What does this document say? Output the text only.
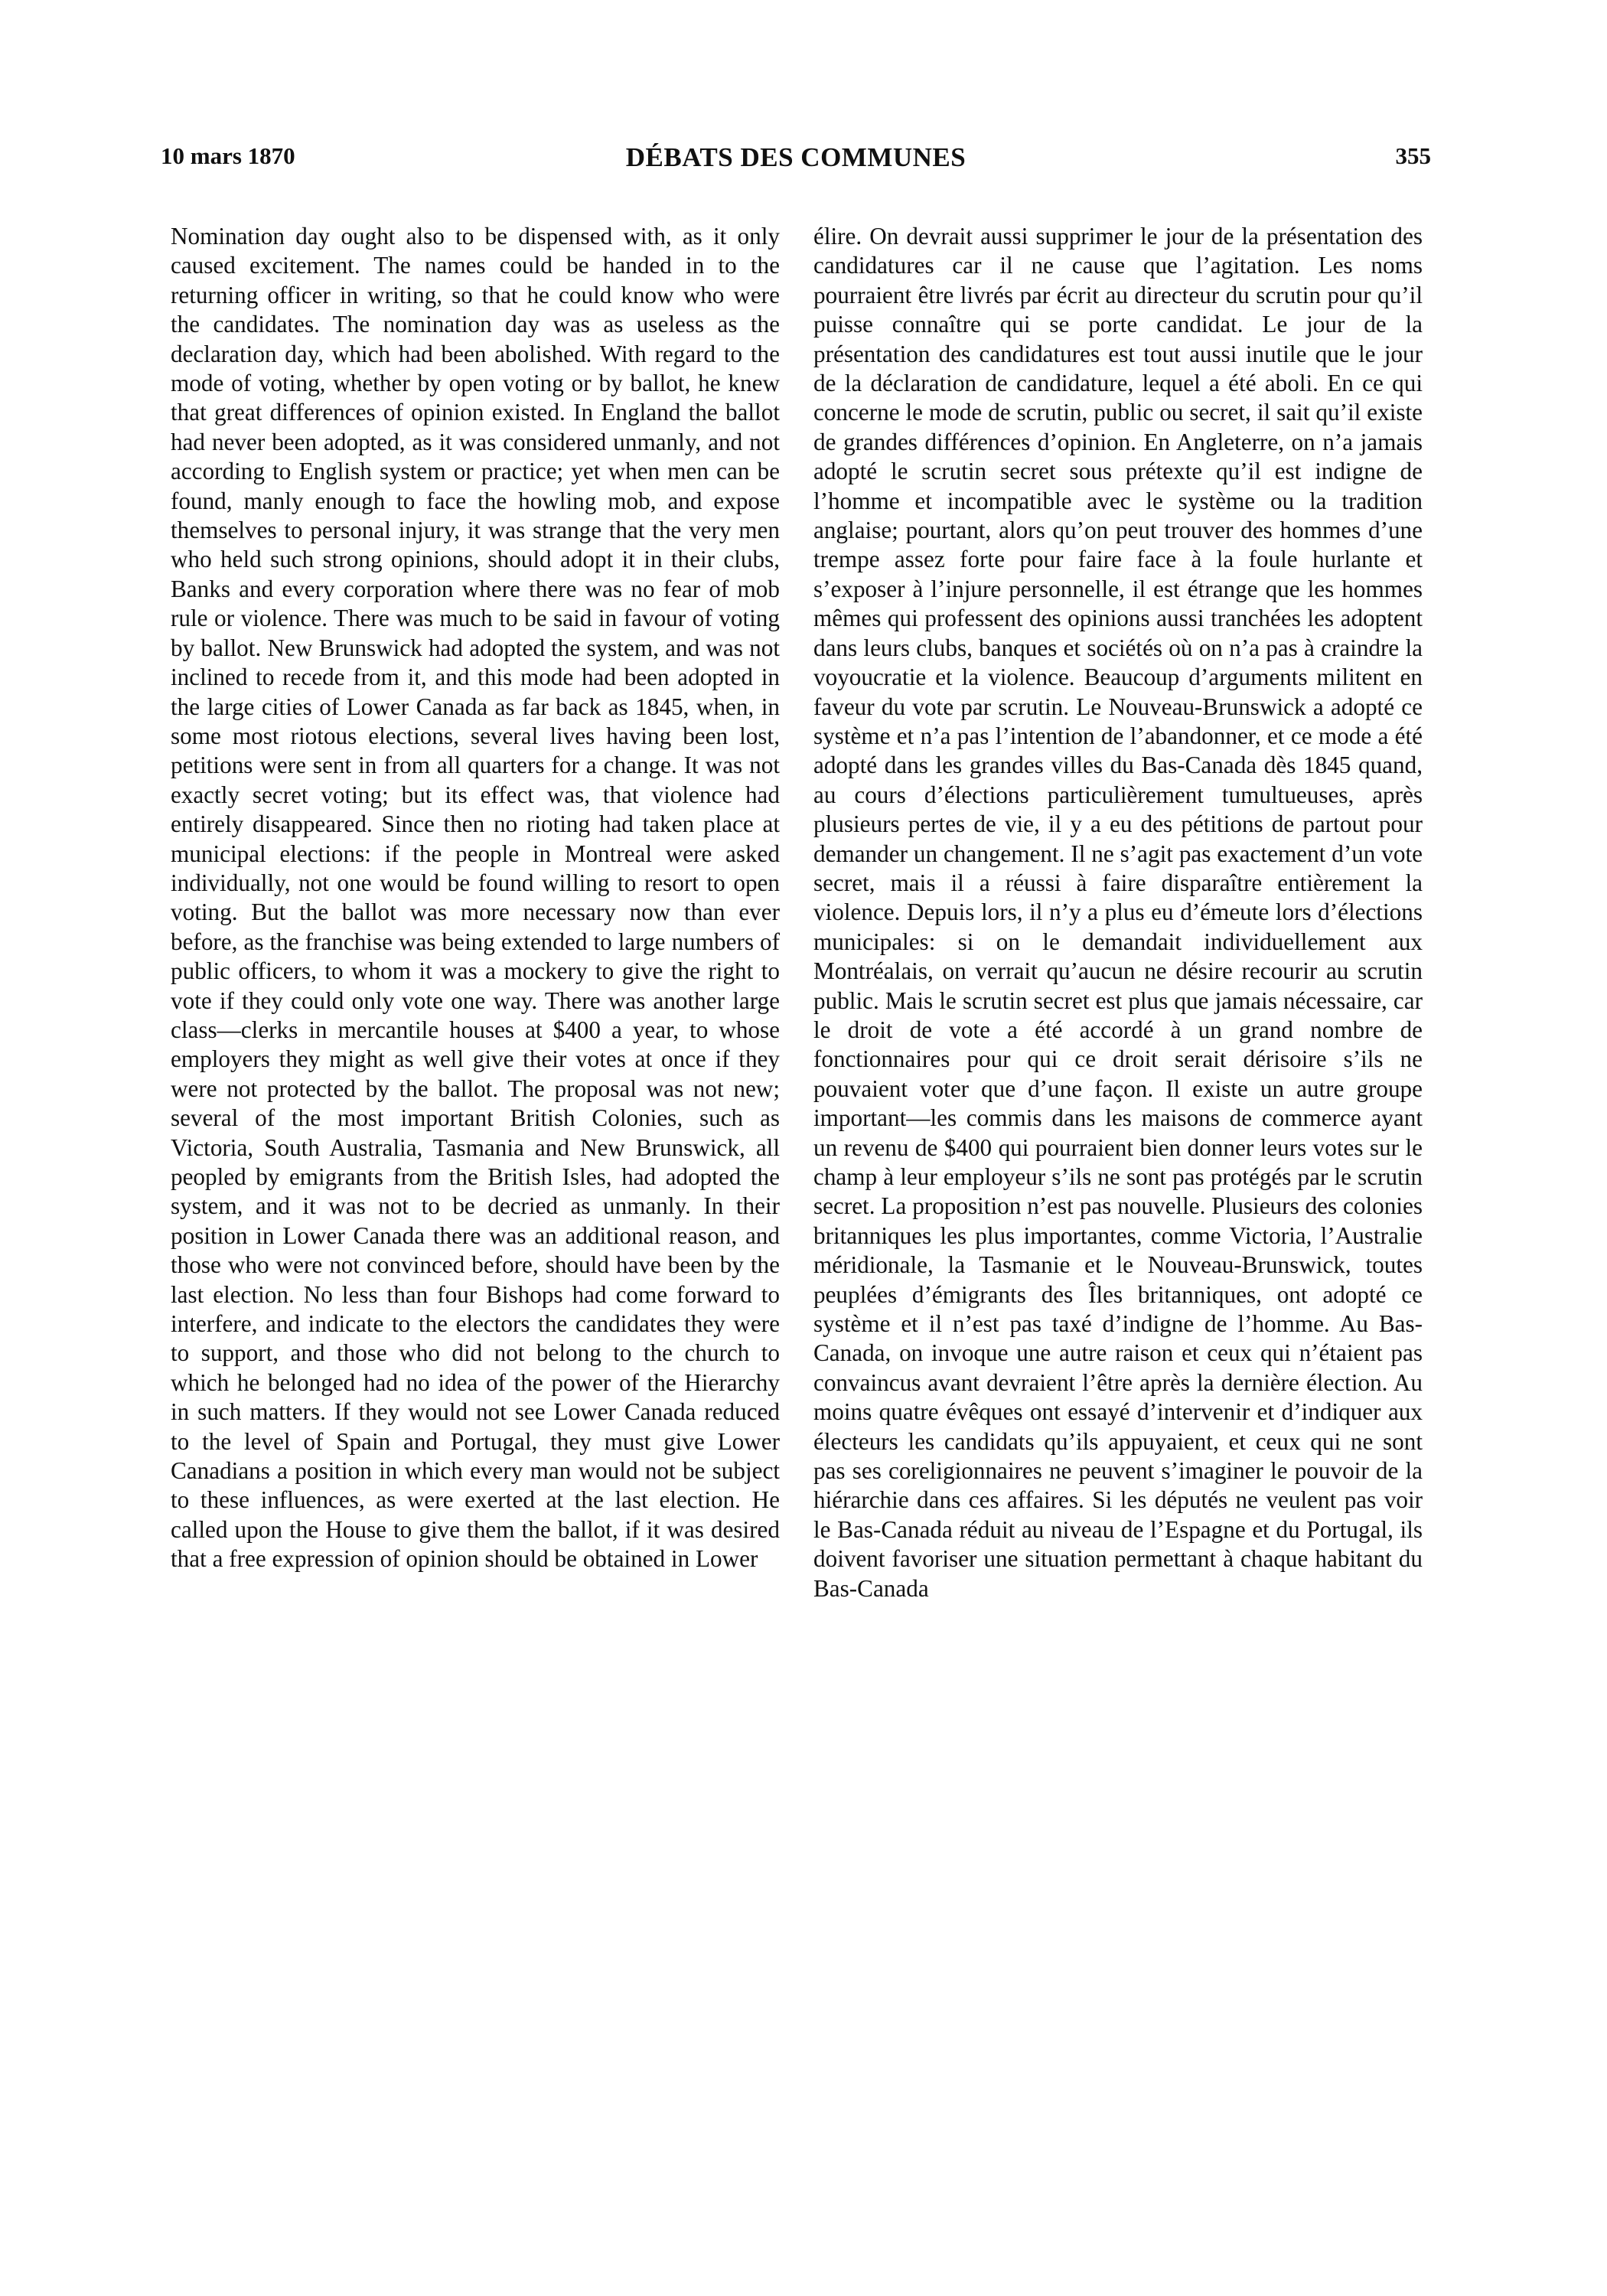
10 mars 1870	DÉBATS DES COMMUNES	355

Nomination day ought also to be dispensed with, as it only caused excitement. The names could be handed in to the returning officer in writing, so that he could know who were the candidates. The nomination day was as useless as the declaration day, which had been abolished. With regard to the mode of voting, whether by open voting or by ballot, he knew that great differences of opinion existed. In England the ballot had never been adopted, as it was considered unmanly, and not according to English system or practice; yet when men can be found, manly enough to face the howling mob, and expose themselves to personal injury, it was strange that the very men who held such strong opinions, should adopt it in their clubs, Banks and every corporation where there was no fear of mob rule or violence. There was much to be said in favour of voting by ballot. New Brunswick had adopted the system, and was not inclined to recede from it, and this mode had been adopted in the large cities of Lower Canada as far back as 1845, when, in some most riotous elections, several lives having been lost, petitions were sent in from all quarters for a change. It was not exactly secret voting; but its effect was, that violence had entirely disappeared. Since then no rioting had taken place at municipal elections: if the people in Montreal were asked individually, not one would be found willing to resort to open voting. But the ballot was more necessary now than ever before, as the franchise was being extended to large numbers of public officers, to whom it was a mockery to give the right to vote if they could only vote one way. There was another large class—clerks in mercantile houses at $400 a year, to whose employers they might as well give their votes at once if they were not protected by the ballot. The proposal was not new; several of the most important British Colonies, such as Victoria, South Australia, Tasmania and New Brunswick, all peopled by emigrants from the British Isles, had adopted the system, and it was not to be decried as unmanly. In their position in Lower Canada there was an additional reason, and those who were not convinced before, should have been by the last election. No less than four Bishops had come forward to interfere, and indicate to the electors the candidates they were to support, and those who did not belong to the church to which he belonged had no idea of the power of the Hierarchy in such matters. If they would not see Lower Canada reduced to the level of Spain and Portugal, they must give Lower Canadians a position in which every man would not be subject to these influences, as were exerted at the last election. He called upon the House to give them the ballot, if it was desired that a free expression of opinion should be obtained in Lower

élire. On devrait aussi supprimer le jour de la présentation des candidatures car il ne cause que l’agitation. Les noms pourraient être livrés par écrit au directeur du scrutin pour qu’il puisse connaître qui se porte candidat. Le jour de la présentation des candidatures est tout aussi inutile que le jour de la déclaration de candidature, lequel a été aboli. En ce qui concerne le mode de scrutin, public ou secret, il sait qu’il existe de grandes différences d’opinion. En Angleterre, on n’a jamais adopté le scrutin secret sous prétexte qu’il est indigne de l’homme et incompatible avec le système ou la tradition anglaise; pourtant, alors qu’on peut trouver des hommes d’une trempe assez forte pour faire face à la foule hurlante et s’exposer à l’injure personnelle, il est étrange que les hommes mêmes qui professent des opinions aussi tranchées les adoptent dans leurs clubs, banques et sociétés où on n’a pas à craindre la voyoucratie et la violence. Beaucoup d’arguments militent en faveur du vote par scrutin. Le Nouveau-Brunswick a adopté ce système et n’a pas l’intention de l’abandonner, et ce mode a été adopté dans les grandes villes du Bas-Canada dès 1845 quand, au cours d’élections particulièrement tumultueuses, après plusieurs pertes de vie, il y a eu des pétitions de partout pour demander un changement. Il ne s’agit pas exactement d’un vote secret, mais il a réussi à faire disparaître entièrement la violence. Depuis lors, il n’y a plus eu d’émeute lors d’élections municipales: si on le demandait individuellement aux Montréalais, on verrait qu’aucun ne désire recourir au scrutin public. Mais le scrutin secret est plus que jamais nécessaire, car le droit de vote a été accordé à un grand nombre de fonctionnaires pour qui ce droit serait dérisoire s’ils ne pouvaient voter que d’une façon. Il existe un autre groupe important—les commis dans les maisons de commerce ayant un revenu de $400 qui pourraient bien donner leurs votes sur le champ à leur employeur s’ils ne sont pas protégés par le scrutin secret. La proposition n’est pas nouvelle. Plusieurs des colonies britanniques les plus importantes, comme Victoria, l’Australie méridionale, la Tasmanie et le Nouveau-Brunswick, toutes peuplées d’émigrants des Îles britanniques, ont adopté ce système et il n’est pas taxé d’indigne de l’homme. Au Bas-Canada, on invoque une autre raison et ceux qui n’étaient pas convaincus avant devraient l’être après la dernière élection. Au moins quatre évêques ont essayé d’intervenir et d’indiquer aux électeurs les candidats qu’ils appuyaient, et ceux qui ne sont pas ses coreligionnaires ne peuvent s’imaginer le pouvoir de la hiérarchie dans ces affaires. Si les députés ne veulent pas voir le Bas-Canada réduit au niveau de l’Espagne et du Portugal, ils doivent favoriser une situation permettant à chaque habitant du Bas-Canada
